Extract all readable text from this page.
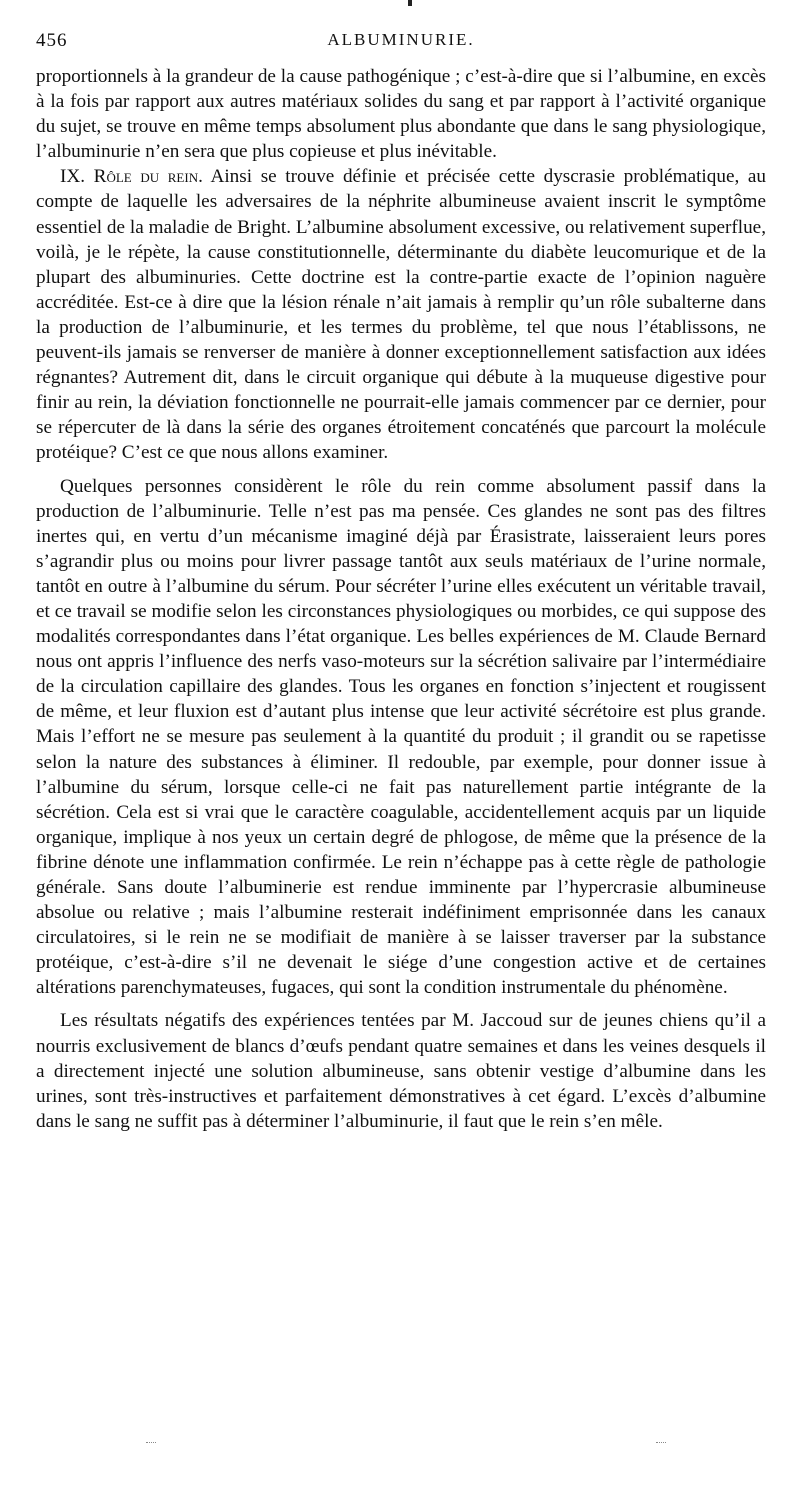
456	ALBUMINURIE.

proportionnels à la grandeur de la cause pathogénique ; c’est-à-dire que si l’albumine, en excès à la fois par rapport aux autres matériaux solides du sang et par rapport à l’activité organique du sujet, se trouve en même temps absolument plus abondante que dans le sang physiologique, l’albuminurie n’en sera que plus copieuse et plus inévitable.

IX. Rôle du rein. Ainsi se trouve définie et précisée cette dyscrasie problématique, au compte de laquelle les adversaires de la néphrite albumineuse avaient inscrit le symptôme essentiel de la maladie de Bright. L’albumine absolument excessive, ou relativement superflue, voilà, je le répète, la cause constitutionnelle, déterminante du diabète leucomurique et de la plupart des albuminuries. Cette doctrine est la contre-partie exacte de l’opinion naguère accréditée. Est-ce à dire que la lésion rénale n’ait jamais à remplir qu’un rôle subalterne dans la production de l’albuminurie, et les termes du problème, tel que nous l’établissons, ne peuvent-ils jamais se renverser de manière à donner exceptionnellement satisfaction aux idées régnantes? Autrement dit, dans le circuit organique qui débute à la muqueuse digestive pour finir au rein, la déviation fonctionnelle ne pourrait-elle jamais commencer par ce dernier, pour se répercuter de là dans la série des organes étroitement concaténés que parcourt la molécule protéique? C’est ce que nous allons examiner.

Quelques personnes considèrent le rôle du rein comme absolument passif dans la production de l’albuminurie. Telle n’est pas ma pensée. Ces glandes ne sont pas des filtres inertes qui, en vertu d’un mécanisme imaginé déjà par Érasistrate, laisseraient leurs pores s’agrandir plus ou moins pour livrer passage tantôt aux seuls matériaux de l’urine normale, tantôt en outre à l’albumine du sérum. Pour sécréter l’urine elles exécutent un véritable travail, et ce travail se modifie selon les circonstances physiologiques ou morbides, ce qui suppose des modalités correspondantes dans l’état organique. Les belles expériences de M. Claude Bernard nous ont appris l’influence des nerfs vaso-moteurs sur la sécrétion salivaire par l’intermédiaire de la circulation capillaire des glandes. Tous les organes en fonction s’injectent et rougissent de même, et leur fluxion est d’autant plus intense que leur activité sécrétoire est plus grande. Mais l’effort ne se mesure pas seulement à la quantité du produit ; il grandit ou se rapetisse selon la nature des substances à éliminer. Il redouble, par exemple, pour donner issue à l’albumine du sérum, lorsque celle-ci ne fait pas naturellement partie intégrante de la sécrétion. Cela est si vrai que le caractère coagulable, accidentellement acquis par un liquide organique, implique à nos yeux un certain degré de phlogose, de même que la présence de la fibrine dénote une inflammation confirmée. Le rein n’échappe pas à cette règle de pathologie générale. Sans doute l’albuminerie est rendue imminente par l’hypercrasie albumineuse absolue ou relative ; mais l’albumine resterait indéfiniment emprisonnée dans les canaux circulatoires, si le rein ne se modifiait de manière à se laisser traverser par la substance protéique, c’est-à-dire s’il ne devenait le siége d’une congestion active et de certaines altérations parenchymateuses, fugaces, qui sont la condition instrumentale du phénomène.

Les résultats négatifs des expériences tentées par M. Jaccoud sur de jeunes chiens qu’il a nourris exclusivement de blancs d’œufs pendant quatre semaines et dans les veines desquels il a directement injecté une solution albumineuse, sans obtenir vestige d’albumine dans les urines, sont très-instructives et parfaitement démonstratives à cet égard. L’excès d’albumine dans le sang ne suffit pas à déterminer l’albuminurie, il faut que le rein s’en mêle.
